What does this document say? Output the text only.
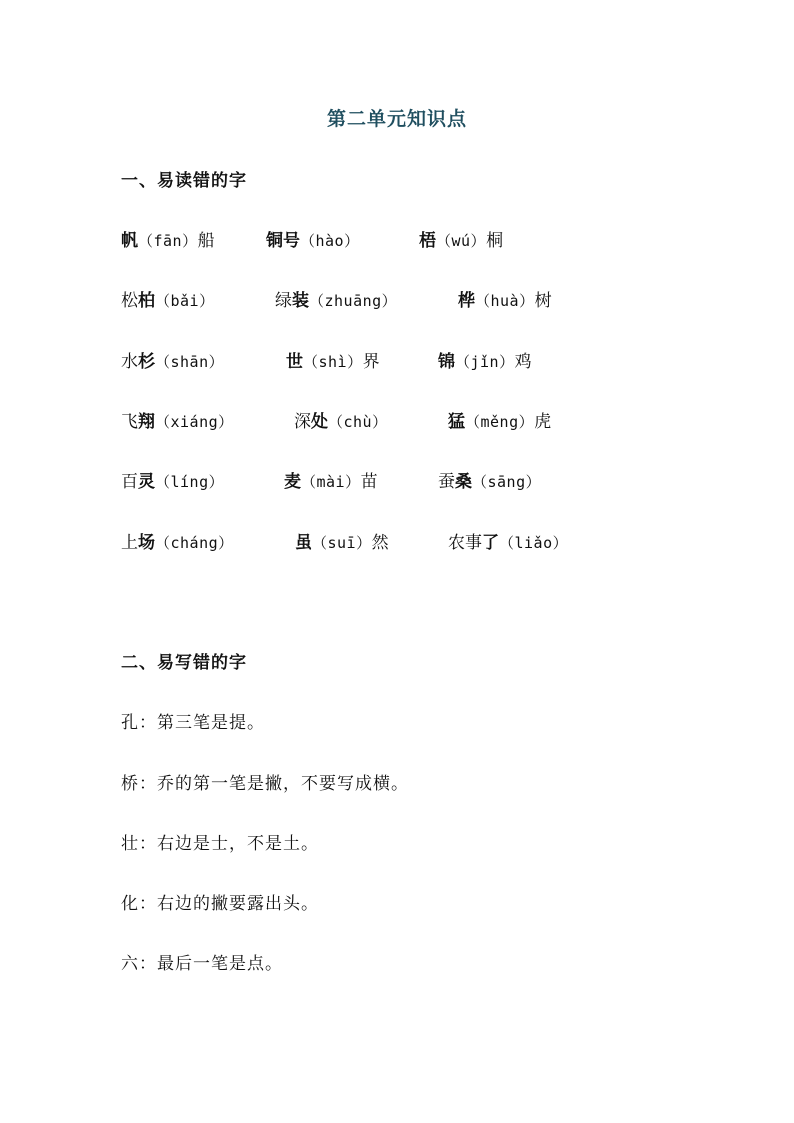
第二单元知识点
一、易读错的字
帆（fān）船	铜号（hào）	梧（wú）桐
松柏（bǎi）	绿装（zhuāng）	桦（huà）树
水杉（shān）	世（shì）界	锦（jǐn）鸡
飞翔（xiáng）	深处（chù）	猛（měng）虎
百灵（líng）	麦（mài）苗	蚕桑（sāng）
上场（cháng）	虽（suī）然	农事了（liǎo）
二、易写错的字
孔：第三笔是提。
桥：乔的第一笔是撇，不要写成横。
壮：右边是士，不是土。
化：右边的撇要露出头。
六：最后一笔是点。
